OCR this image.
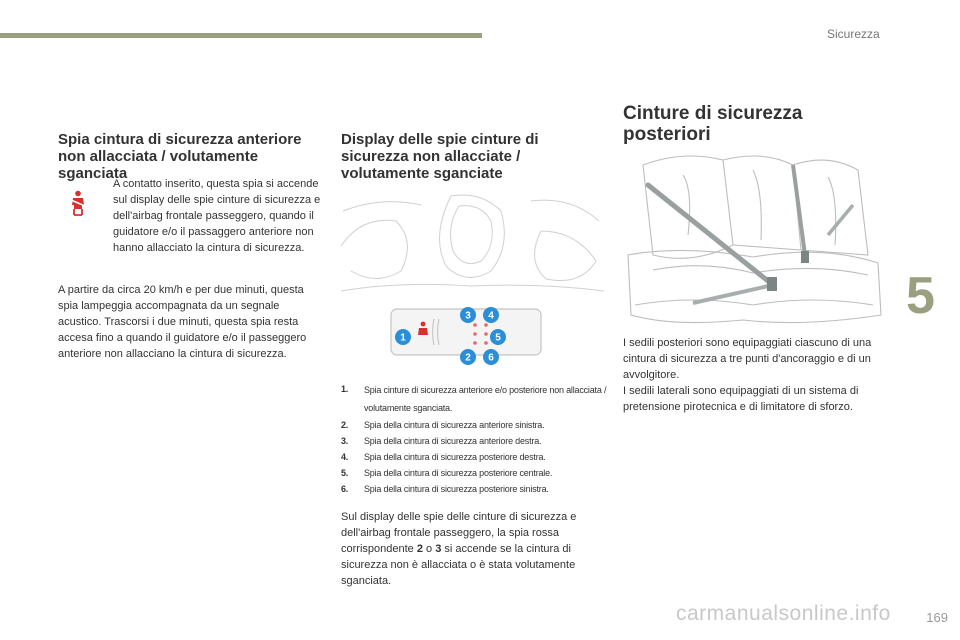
Sicurezza
5
Spia cintura di sicurezza anteriore non allacciata / volutamente sganciata

A contatto inserito, questa spia si accende sul display delle spie cinture di sicurezza e dell'airbag frontale passeggero, quando il guidatore e/o il passaggero anteriore non hanno allacciato la cintura di sicurezza.

A partire da circa 20 km/h e per due minuti, questa spia lampeggia accompagnata da un segnale acustico. Trascorsi i due minuti, questa spia resta accesa fino a quando il guidatore e/o il passeggero anteriore non allacciano la cintura di sicurezza.

Display delle spie cinture di sicurezza non allacciate / volutamente sganciate
1
2
3 4
5
6
1.	Spia cinture di sicurezza anteriore e/o posteriore non allacciata / volutamente sganciata.
2.	Spia della cintura di sicurezza anteriore sinistra.
3.	Spia della cintura di sicurezza anteriore destra.
4.	Spia della cintura di sicurezza posteriore destra.
5.	Spia della cintura di sicurezza posteriore centrale.
6.	Spia della cintura di sicurezza posteriore sinistra.

Sul display delle spie delle cinture di sicurezza e dell'airbag frontale passeggero, la spia rossa corrispondente 2 o 3 si accende se la cintura di sicurezza non è allacciata o è stata volutamente sganciata.

Cinture di sicurezza posteriori

I sedili posteriori sono equipaggiati ciascuno di una cintura di sicurezza a tre punti d'ancoraggio e di un avvolgitore.

I sedili laterali sono equipaggiati di un sistema di pretensione pirotecnica e di limitatore di sforzo.

169
carmanualsonline.info
